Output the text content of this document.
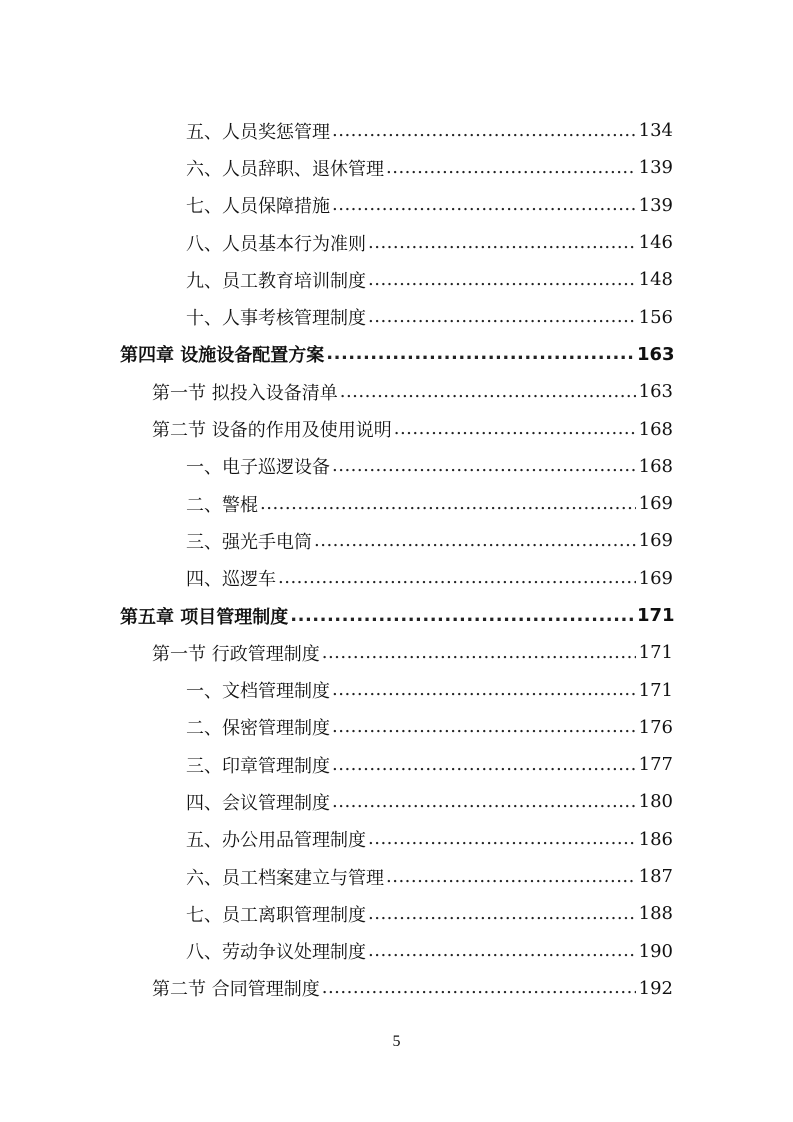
五、人员奖惩管理 .....	134
六、人员辞职、退休管理 .....	139
七、人员保障措施 .....	139
八、人员基本行为准则 .....	146
九、员工教育培训制度 .....	148
十、人事考核管理制度 .....	156
第四章 设施设备配置方案 .....	163
第一节 拟投入设备清单 .....	163
第二节 设备的作用及使用说明 .....	168
一、电子巡逻设备 .....	168
二、警棍 .....	169
三、强光手电筒 .....	169
四、巡逻车 .....	169
第五章 项目管理制度 .....	171
第一节 行政管理制度 .....	171
一、文档管理制度 .....	171
二、保密管理制度 .....	176
三、印章管理制度 .....	177
四、会议管理制度 .....	180
五、办公用品管理制度 .....	186
六、员工档案建立与管理 .....	187
七、员工离职管理制度 .....	188
八、劳动争议处理制度 .....	190
第二节 合同管理制度 .....	192
5
